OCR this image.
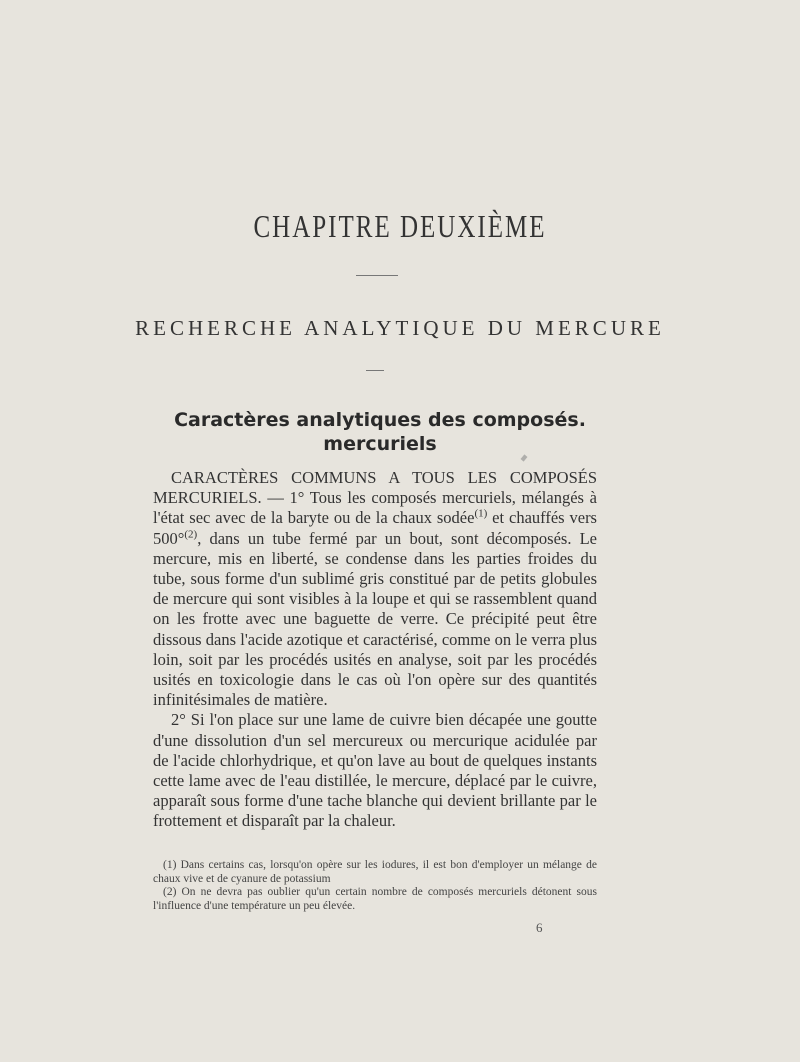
CHAPITRE DEUXIÈME
RECHERCHE ANALYTIQUE DU MERCURE
Caractères analytiques des composés. mercuriels

CARACTÈRES COMMUNS A TOUS LES COMPOSÉS MERCURIELS. — 1° Tous les composés mercuriels, mélangés à l'état sec avec de la baryte ou de la chaux sodée$^{(1)}$ et chauffés vers 500°$^{(2)}$, dans un tube fermé par un bout, sont décomposés. Le mercure, mis en liberté, se condense dans les parties froides du tube, sous forme d'un sublimé gris constitué par de petits globules de mercure qui sont visibles à la loupe et qui se rassemblent quand on les frotte avec une baguette de verre. Ce précipité peut être dissous dans l'acide azotique et caractérisé, comme on le verra plus loin, soit par les procédés usités en analyse, soit par les procédés usités en toxicologie dans le cas où l'on opère sur des quantités infinitésimales de matière.

2° Si l'on place sur une lame de cuivre bien décapée une goutte d'une dissolution d'un sel mercureux ou mercurique acidulée par de l'acide chlorhydrique, et qu'on lave au bout de quelques instants cette lame avec de l'eau distillée, le mercure, déplacé par le cuivre, apparaît sous forme d'une tache blanche qui devient brillante par le frottement et disparaît par la chaleur.

(1) Dans certains cas, lorsqu'on opère sur les iodures, il est bon d'employer un mélange de chaux vive et de cyanure de potassium

(2) On ne devra pas oublier qu'un certain nombre de composés mercuriels détonent sous l'influence d'une température un peu élevée.

6
